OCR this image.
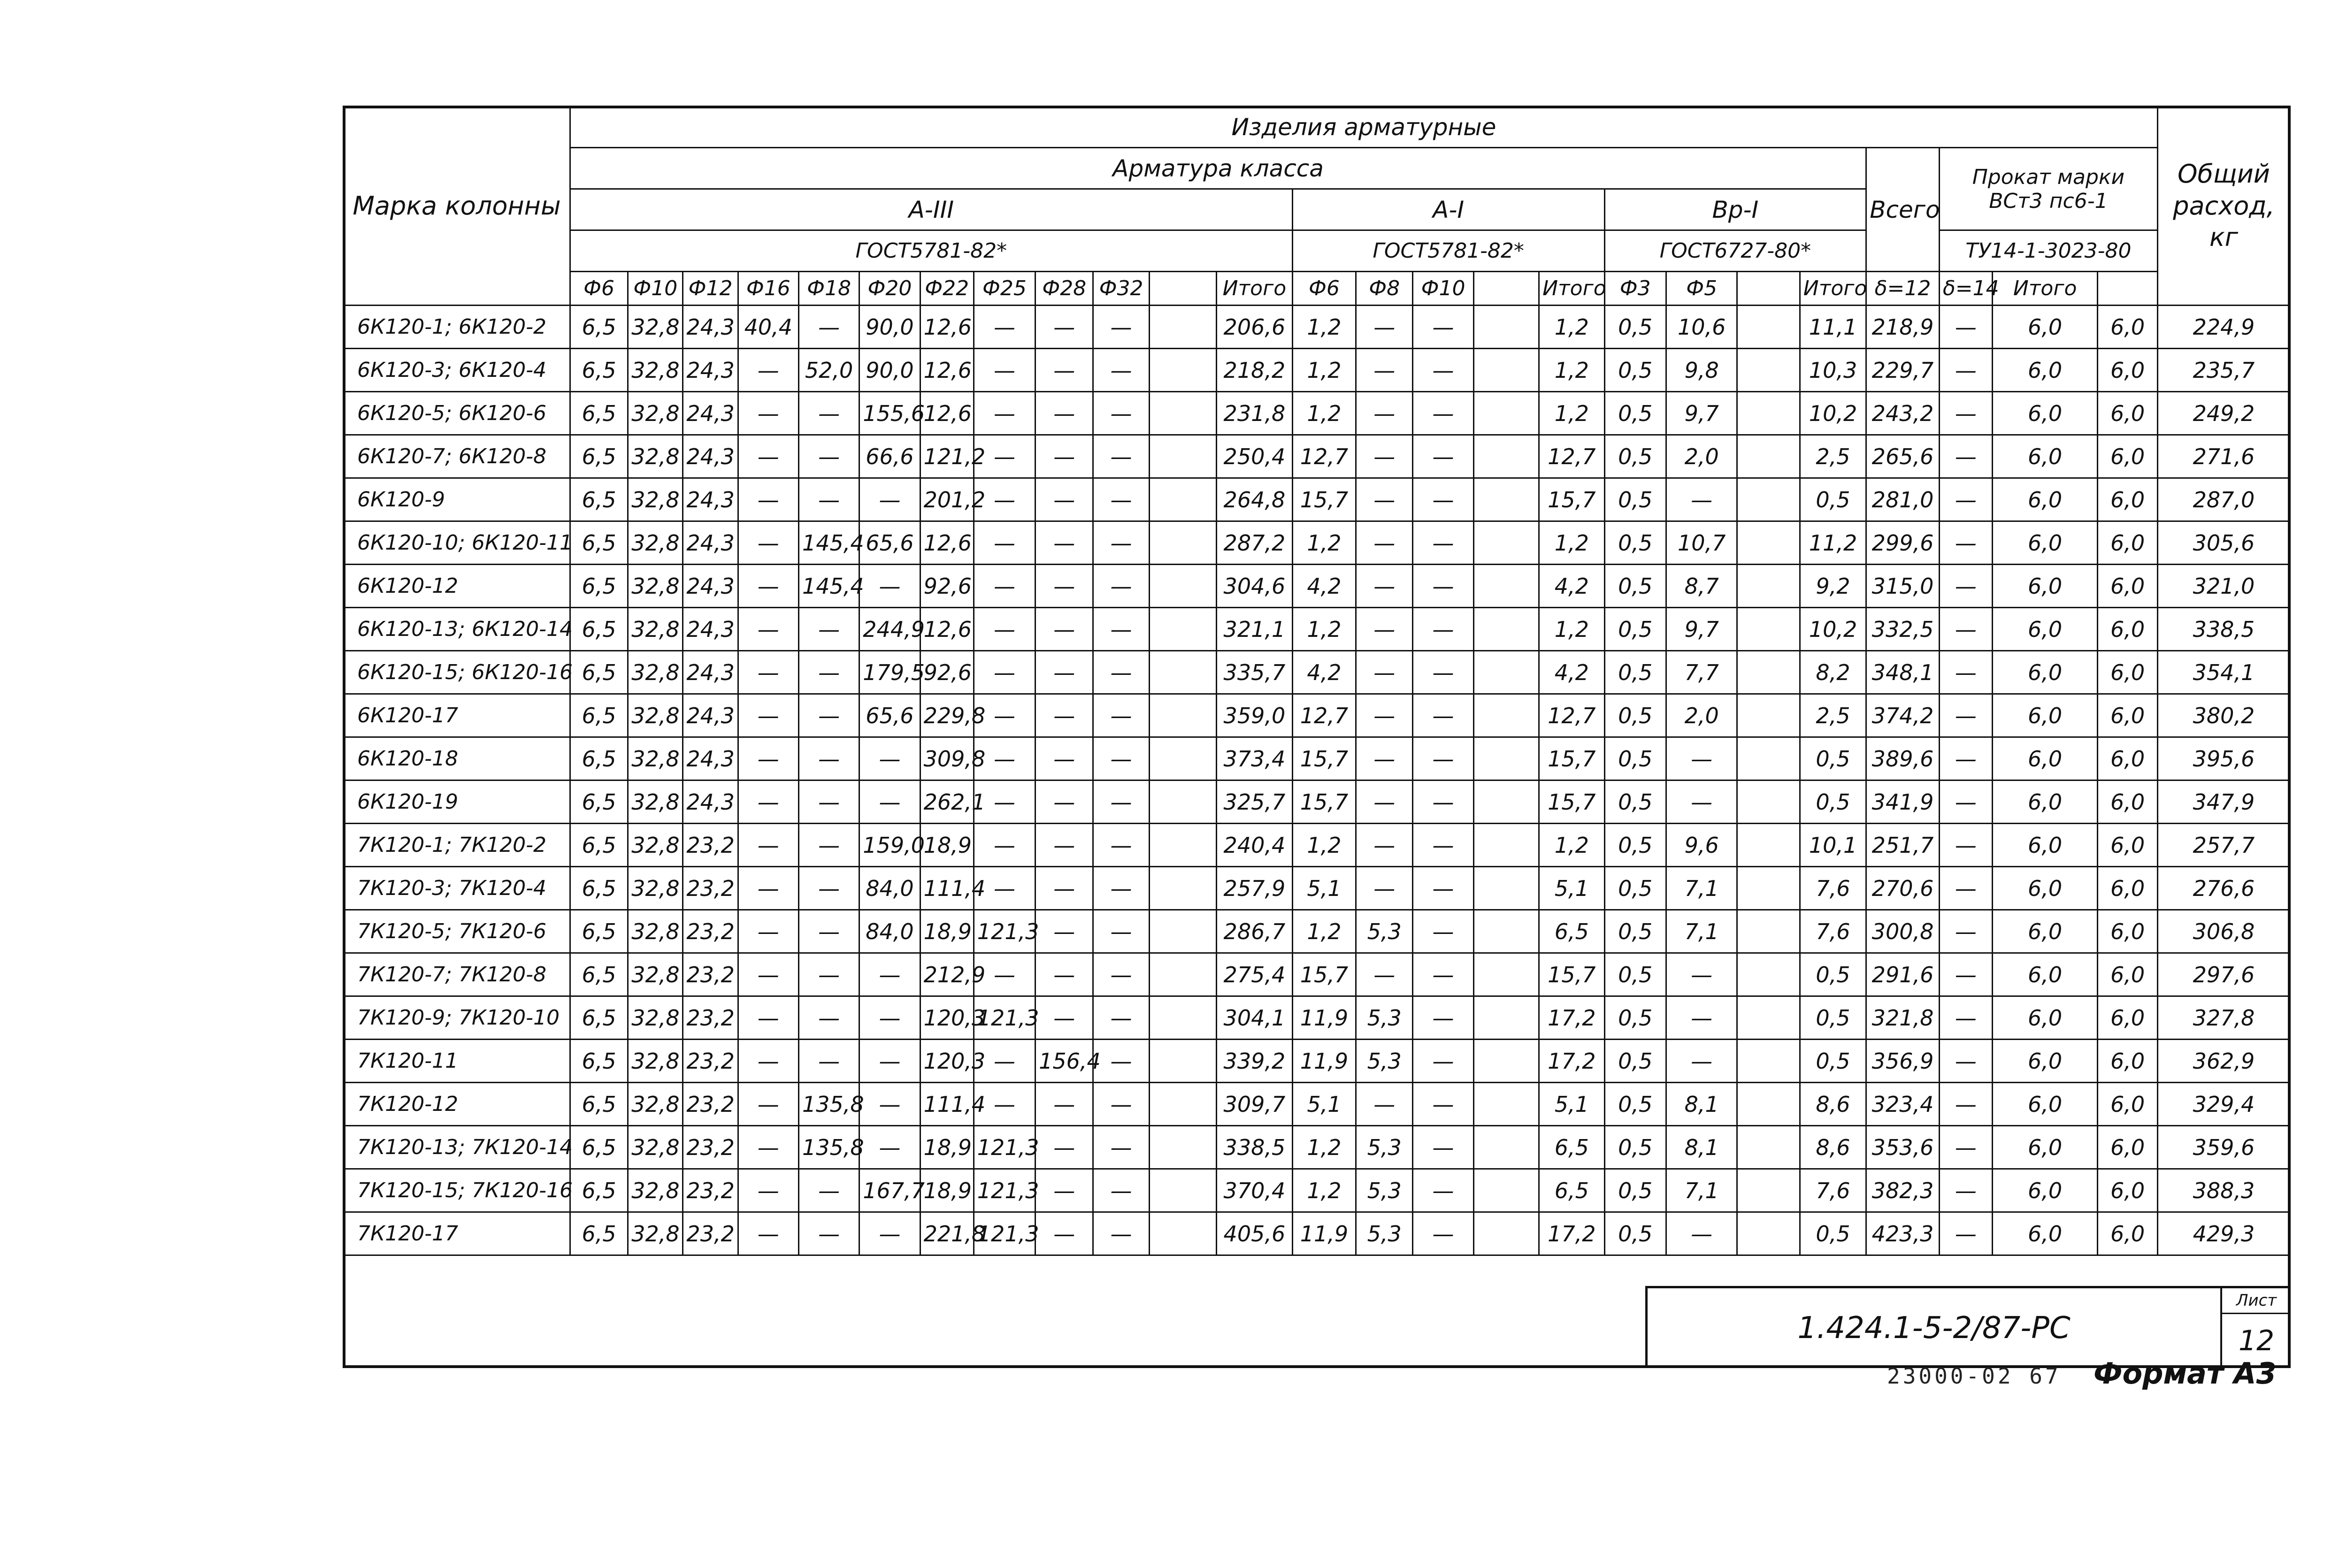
Марка колонны	Изделия арматурные																									Общий расход, кг
	Арматура класса																					Всего	Прокат марки ВСт3 пс6-1			
	А-III												А-I					Вр-I								
	ГОСТ5781-82*												ГОСТ5781-82*					ГОСТ6727-80*					ТУ14-1-3023-80			
	Ф6	Ф10	Ф12	Ф16	Ф18	Ф20	Ф22	Ф25	Ф28	Ф32		Итого	Ф6	Ф8	Ф10		Итого	Ф3	Ф5		Итого	δ=12	δ=14	Итого		
6К120-1; 6К120-2	6,5	32,8	24,3	40,4	—	90,0	12,6	—	—	—		206,6	1,2	—	—		1,2	0,5	10,6		11,1	218,9	—	6,0	6,0	224,9
6К120-3; 6К120-4	6,5	32,8	24,3	—	52,0	90,0	12,6	—	—	—		218,2	1,2	—	—		1,2	0,5	9,8		10,3	229,7	—	6,0	6,0	235,7
6К120-5; 6К120-6	6,5	32,8	24,3	—	—	155,6	12,6	—	—	—		231,8	1,2	—	—		1,2	0,5	9,7		10,2	243,2	—	6,0	6,0	249,2
6К120-7; 6К120-8	6,5	32,8	24,3	—	—	66,6	121,2	—	—	—		250,4	12,7	—	—		12,7	0,5	2,0		2,5	265,6	—	6,0	6,0	271,6
6К120-9	6,5	32,8	24,3	—	—	—	201,2	—	—	—		264,8	15,7	—	—		15,7	0,5	—		0,5	281,0	—	6,0	6,0	287,0
6К120-10; 6К120-11	6,5	32,8	24,3	—	145,4	65,6	12,6	—	—	—		287,2	1,2	—	—		1,2	0,5	10,7		11,2	299,6	—	6,0	6,0	305,6
6К120-12	6,5	32,8	24,3	—	145,4	—	92,6	—	—	—		304,6	4,2	—	—		4,2	0,5	8,7		9,2	315,0	—	6,0	6,0	321,0
6К120-13; 6К120-14	6,5	32,8	24,3	—	—	244,9	12,6	—	—	—		321,1	1,2	—	—		1,2	0,5	9,7		10,2	332,5	—	6,0	6,0	338,5
6К120-15; 6К120-16	6,5	32,8	24,3	—	—	179,5	92,6	—	—	—		335,7	4,2	—	—		4,2	0,5	7,7		8,2	348,1	—	6,0	6,0	354,1
6К120-17	6,5	32,8	24,3	—	—	65,6	229,8	—	—	—		359,0	12,7	—	—		12,7	0,5	2,0		2,5	374,2	—	6,0	6,0	380,2
6К120-18	6,5	32,8	24,3	—	—	—	309,8	—	—	—		373,4	15,7	—	—		15,7	0,5	—		0,5	389,6	—	6,0	6,0	395,6
6К120-19	6,5	32,8	24,3	—	—	—	262,1	—	—	—		325,7	15,7	—	—		15,7	0,5	—		0,5	341,9	—	6,0	6,0	347,9
7К120-1; 7К120-2	6,5	32,8	23,2	—	—	159,0	18,9	—	—	—		240,4	1,2	—	—		1,2	0,5	9,6		10,1	251,7	—	6,0	6,0	257,7
7К120-3; 7К120-4	6,5	32,8	23,2	—	—	84,0	111,4	—	—	—		257,9	5,1	—	—		5,1	0,5	7,1		7,6	270,6	—	6,0	6,0	276,6
7К120-5; 7К120-6	6,5	32,8	23,2	—	—	84,0	18,9	121,3	—	—		286,7	1,2	5,3	—		6,5	0,5	7,1		7,6	300,8	—	6,0	6,0	306,8
7К120-7; 7К120-8	6,5	32,8	23,2	—	—	—	212,9	—	—	—		275,4	15,7	—	—		15,7	0,5	—		0,5	291,6	—	6,0	6,0	297,6
7К120-9; 7К120-10	6,5	32,8	23,2	—	—	—	120,3	121,3	—	—		304,1	11,9	5,3	—		17,2	0,5	—		0,5	321,8	—	6,0	6,0	327,8
7К120-11	6,5	32,8	23,2	—	—	—	120,3	—	156,4	—		339,2	11,9	5,3	—		17,2	0,5	—		0,5	356,9	—	6,0	6,0	362,9
7К120-12	6,5	32,8	23,2	—	135,8	—	111,4	—	—	—		309,7	5,1	—	—		5,1	0,5	8,1		8,6	323,4	—	6,0	6,0	329,4
7К120-13; 7К120-14	6,5	32,8	23,2	—	135,8	—	18,9	121,3	—	—		338,5	1,2	5,3	—		6,5	0,5	8,1		8,6	353,6	—	6,0	6,0	359,6
7К120-15; 7К120-16	6,5	32,8	23,2	—	—	167,7	18,9	121,3	—	—		370,4	1,2	5,3	—		6,5	0,5	7,1		7,6	382,3	—	6,0	6,0	388,3
7К120-17	6,5	32,8	23,2	—	—	—	221,8	121,3	—	—		405,6	11,9	5,3	—		17,2	0,5	—		0,5	423,3	—	6,0	6,0	429,3
1.424.1-5-2/87-РС
Лист
12
23000-02 67 Формат А3
